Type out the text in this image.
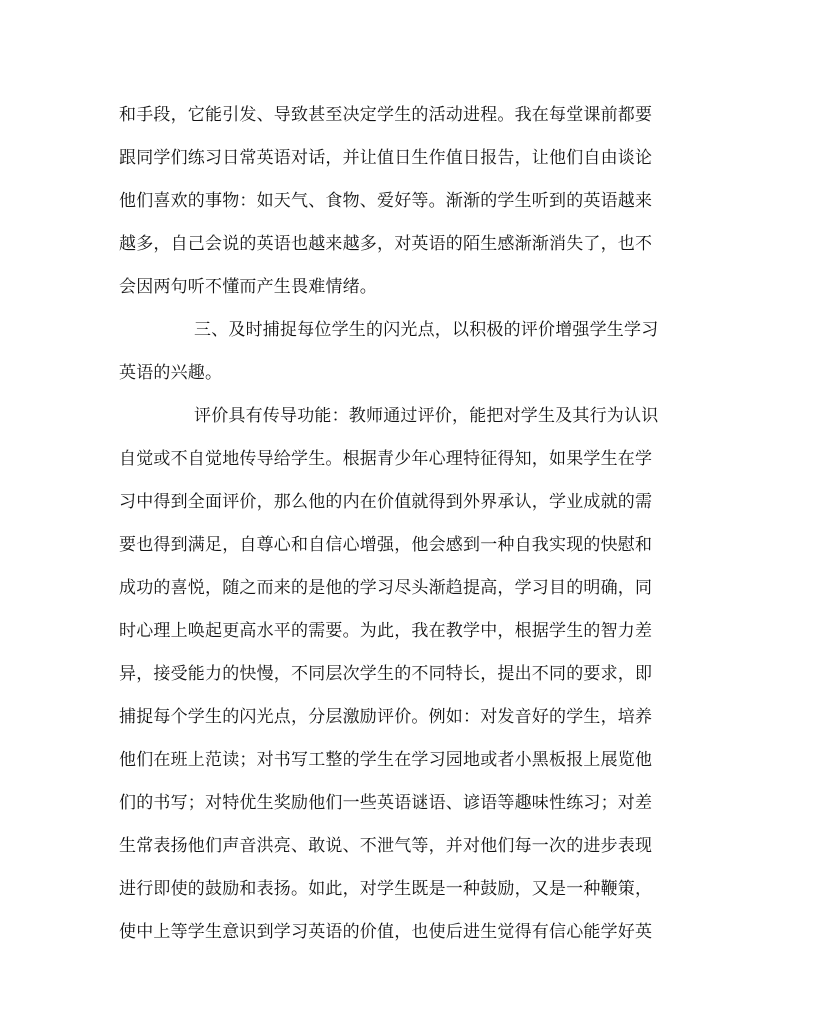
和手段，它能引发、导致甚至决定学生的活动进程。我在每堂课前都要
跟同学们练习日常英语对话，并让值日生作值日报告，让他们自由谈论
他们喜欢的事物：如天气、食物、爱好等。渐渐的学生听到的英语越来
越多，自己会说的英语也越来越多，对英语的陌生感渐渐消失了，也不
会因两句听不懂而产生畏难情绪。
三、及时捕捉每位学生的闪光点，以积极的评价增强学生学习
英语的兴趣。
评价具有传导功能：教师通过评价，能把对学生及其行为认识
自觉或不自觉地传导给学生。根据青少年心理特征得知，如果学生在学
习中得到全面评价，那么他的内在价值就得到外界承认，学业成就的需
要也得到满足，自尊心和自信心增强，他会感到一种自我实现的快慰和
成功的喜悦，随之而来的是他的学习尽头渐趋提高，学习目的明确，同
时心理上唤起更高水平的需要。为此，我在教学中，根据学生的智力差
异，接受能力的快慢，不同层次学生的不同特长，提出不同的要求，即
捕捉每个学生的闪光点，分层激励评价。例如：对发音好的学生，培养
他们在班上范读；对书写工整的学生在学习园地或者小黑板报上展览他
们的书写；对特优生奖励他们一些英语谜语、谚语等趣味性练习；对差
生常表扬他们声音洪亮、敢说、不泄气等，并对他们每一次的进步表现
进行即使的鼓励和表扬。如此，对学生既是一种鼓励，又是一种鞭策，
使中上等学生意识到学习英语的价值，也使后进生觉得有信心能学好英
